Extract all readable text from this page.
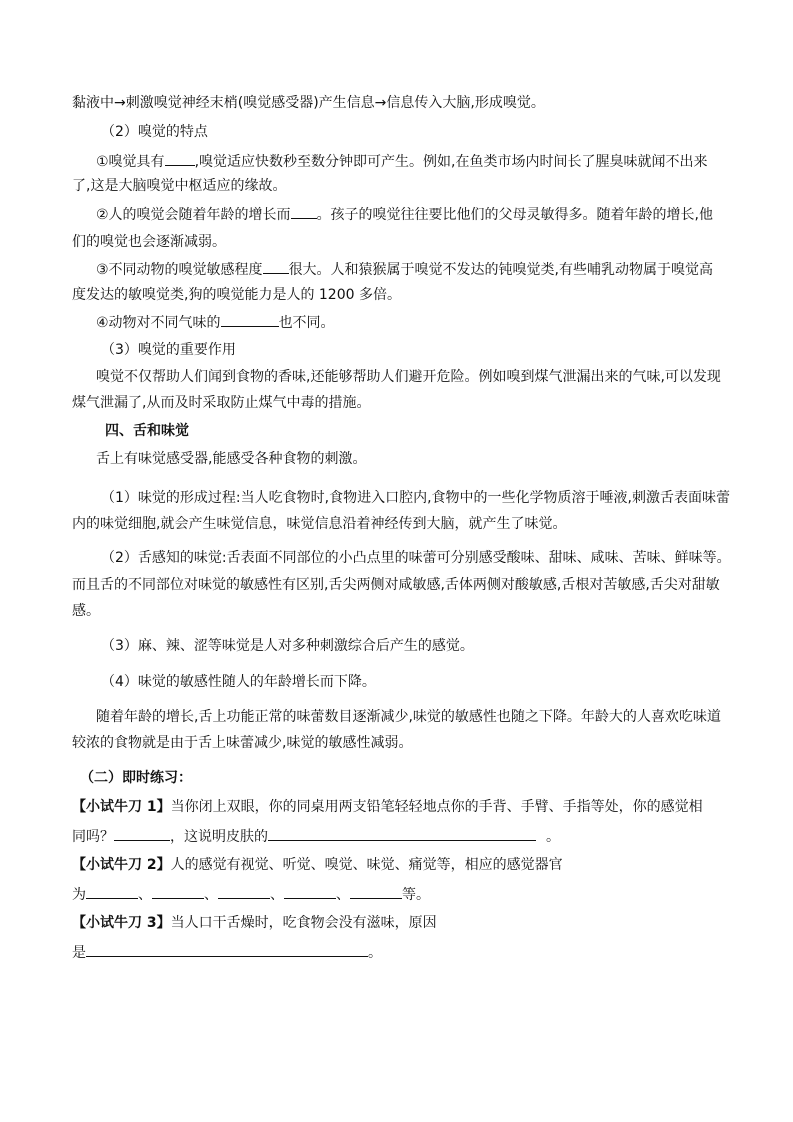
黏液中→刺激嗅觉神经末梢(嗅觉感受器)产生信息→信息传入大脑,形成嗅觉。
（2）嗅觉的特点
①嗅觉具有 ,嗅觉适应快数秒至数分钟即可产生。例如,在鱼类市场内时间长了腥臭味就闻不出来
了,这是大脑嗅觉中枢适应的缘故。
②人的嗅觉会随着年龄的增长而 。孩子的嗅觉往往要比他们的父母灵敏得多。随着年龄的增长,他
们的嗅觉也会逐渐减弱。
③不同动物的嗅觉敏感程度 很大。人和猿猴属于嗅觉不发达的钝嗅觉类,有些哺乳动物属于嗅觉高
度发达的敏嗅觉类,狗的嗅觉能力是人的 1200 多倍。
④动物对不同气味的	也不同。
（3）嗅觉的重要作用
嗅觉不仅帮助人们闻到食物的香味,还能够帮助人们避开危险。例如嗅到煤气泄漏出来的气味,可以发现
煤气泄漏了,从而及时采取防止煤气中毒的措施。
四、舌和味觉
舌上有味觉感受器,能感受各种食物的刺激。
（1）味觉的形成过程:当人吃食物时,食物进入口腔内,食物中的一些化学物质溶于唾液,刺激舌表面味蕾
内的味觉细胞,就会产生味觉信息，味觉信息沿着神经传到大脑，就产生了味觉。
（2）舌感知的味觉:舌表面不同部位的小凸点里的味蕾可分别感受酸味、甜味、咸味、苦味、鲜味等。
而且舌的不同部位对味觉的敏感性有区别,舌尖两侧对咸敏感,舌体两侧对酸敏感,舌根对苦敏感,舌尖对甜敏
感。
（3）麻、辣、涩等味觉是人对多种刺激综合后产生的感觉。
（4）味觉的敏感性随人的年龄增长而下降。
随着年龄的增长,舌上功能正常的味蕾数目逐渐减少,味觉的敏感性也随之下降。年龄大的人喜欢吃味道
较浓的食物就是由于舌上味蕾减少,味觉的敏感性减弱。
（二）即时练习：
【小试牛刀 1】当你闭上双眼，你的同桌用两支铅笔轻轻地点你的手背、手臂、手指等处，你的感觉相
同吗？	，这说明皮肤的	。
【小试牛刀 2】人的感觉有视觉、听觉、嗅觉、味觉、痛觉等，相应的感觉器官
为	、	、	、	、	等。
【小试牛刀 3】当人口干舌燥时，吃食物会没有滋味，原因
是	。
